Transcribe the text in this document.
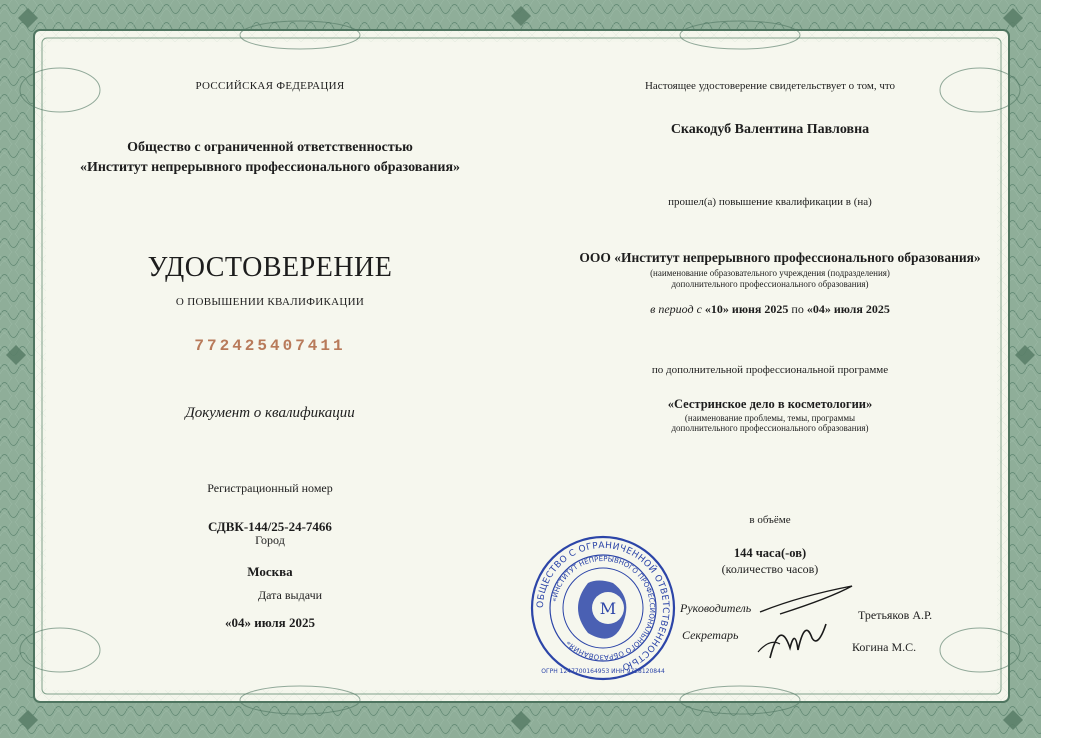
РОССИЙСКАЯ ФЕДЕРАЦИЯ
Общество с ограниченной ответственностью
«Институт непрерывного профессионального образования»
УДОСТОВЕРЕНИЕ
О ПОВЫШЕНИИ КВАЛИФИКАЦИИ
772425407411
Документ о квалификации
Регистрационный номер
СДВК-144/25-24-7466
Город
Москва
Дата выдачи
«04» июля 2025
Настоящее удостоверение свидетельствует о том, что
Скакодуб Валентина Павловна
прошел(а) повышение квалификации в (на)
ООО «Институт непрерывного профессионального образования»
(наименование образовательного учреждения (подразделения)
дополнительного профессионального образования)
в период с «10» июня 2025 по «04» июля 2025
по дополнительной профессиональной программе
«Сестринское дело в косметологии»
(наименование проблемы, темы, программы
дополнительного профессионального образования)
в объёме
144 часа(-ов)
(количество часов)
Руководитель	Третьяков А.Р.
Секретарь
Когина М.С.
ОБЩЕСТВО С ОГРАНИЧЕННОЙ ОТВЕТСТВЕННОСТЬЮ
«ИНСТИТУТ НЕПРЕРЫВНОГО ПРОФЕССИОНАЛЬНОГО ОБРАЗОВАНИЯ»
М
ОГРН 1247700164953 ИНН 9728120844
